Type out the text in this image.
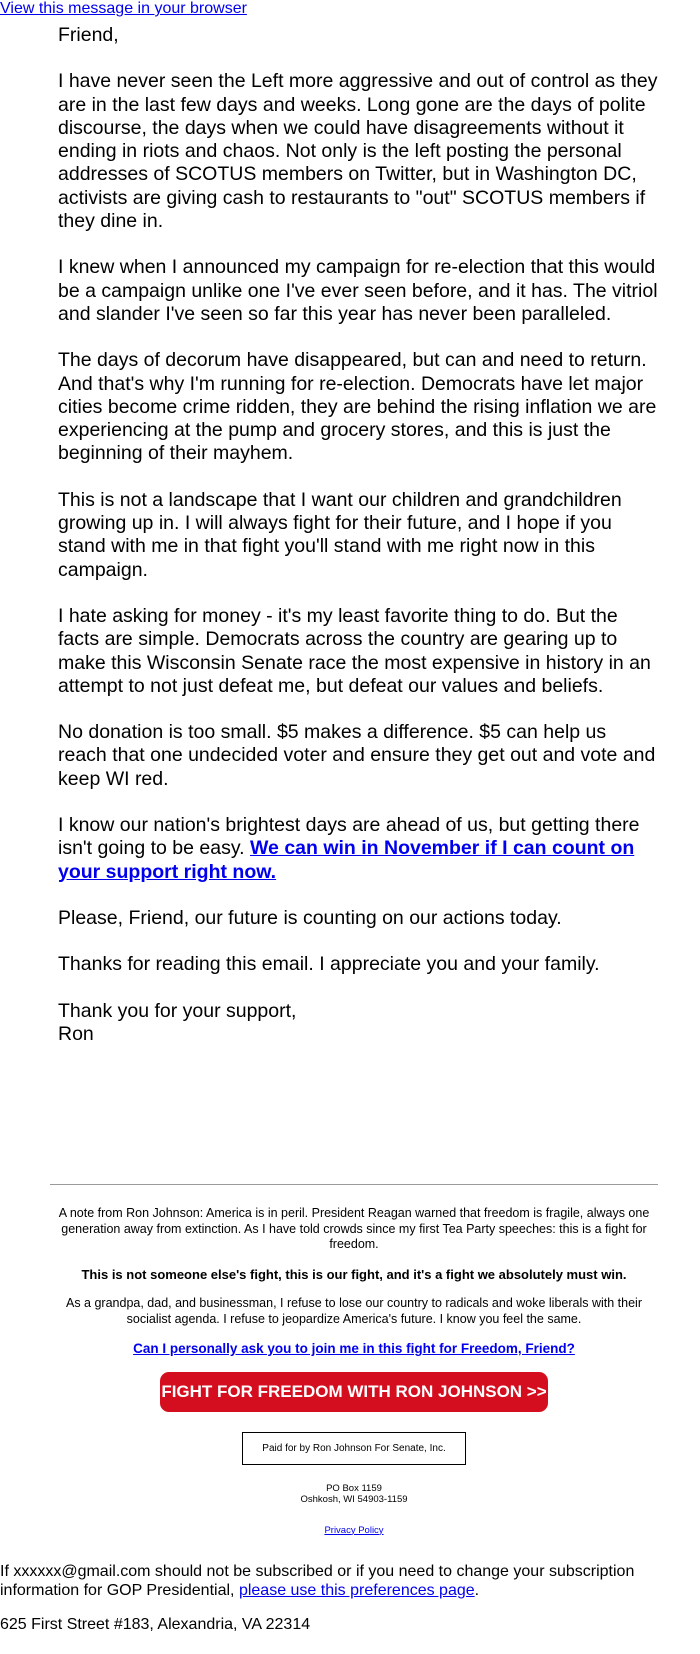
View this message in your browser

Friend,

I have never seen the Left more aggressive and out of control as they are in the last few days and weeks. Long gone are the days of polite discourse, the days when we could have disagreements without it ending in riots and chaos. Not only is the left posting the personal addresses of SCOTUS members on Twitter, but in Washington DC, activists are giving cash to restaurants to "out" SCOTUS members if they dine in.

I knew when I announced my campaign for re-election that this would be a campaign unlike one I've ever seen before, and it has. The vitriol and slander I've seen so far this year has never been paralleled.

The days of decorum have disappeared, but can and need to return. And that's why I'm running for re-election. Democrats have let major cities become crime ridden, they are behind the rising inflation we are experiencing at the pump and grocery stores, and this is just the beginning of their mayhem.

This is not a landscape that I want our children and grandchildren growing up in. I will always fight for their future, and I hope if you stand with me in that fight you'll stand with me right now in this campaign.

I hate asking for money - it's my least favorite thing to do. But the facts are simple. Democrats across the country are gearing up to make this Wisconsin Senate race the most expensive in history in an attempt to not just defeat me, but defeat our values and beliefs.

No donation is too small. $5 makes a difference. $5 can help us reach that one undecided voter and ensure they get out and vote and keep WI red.

I know our nation's brightest days are ahead of us, but getting there isn't going to be easy. We can win in November if I can count on your support right now.

Please, Friend, our future is counting on our actions today.

Thanks for reading this email. I appreciate you and your family.

Thank you for your support,
Ron

A note from Ron Johnson: America is in peril. President Reagan warned that freedom is fragile, always one generation away from extinction. As I have told crowds since my first Tea Party speeches: this is a fight for freedom.

This is not someone else's fight, this is our fight, and it's a fight we absolutely must win.

As a grandpa, dad, and businessman, I refuse to lose our country to radicals and woke liberals with their socialist agenda. I refuse to jeopardize America's future. I know you feel the same.

Can I personally ask you to join me in this fight for Freedom, Friend?

FIGHT FOR FREEDOM WITH RON JOHNSON >>
Paid for by Ron Johnson For Senate, Inc.
PO Box 1159
Oshkosh, WI 54903-1159
Privacy Policy

If xxxxxx@gmail.com should not be subscribed or if you need to change your subscription information for GOP Presidential, please use this preferences page.

625 First Street #183, Alexandria, VA 22314
